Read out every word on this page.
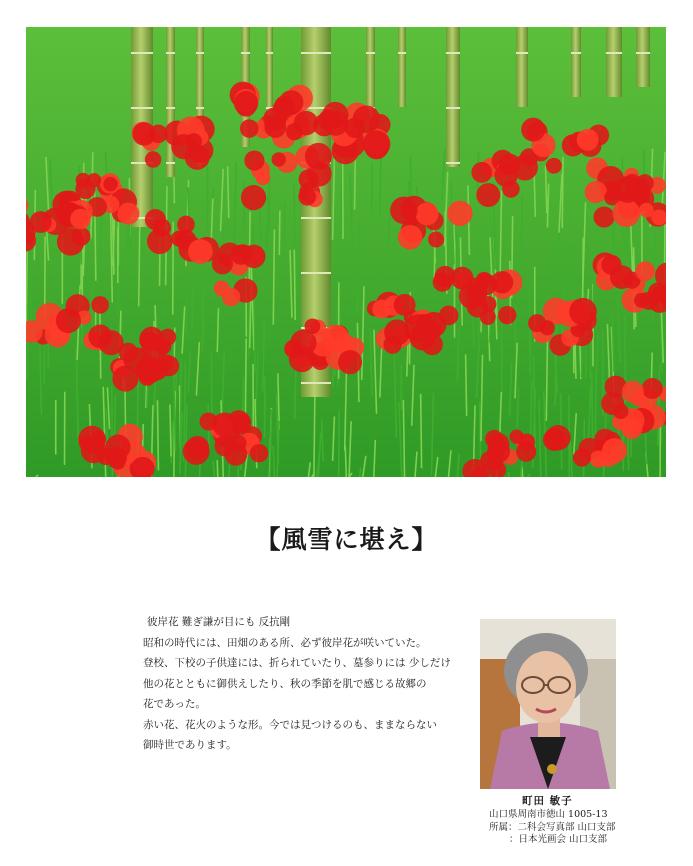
【風雪に堪え】
彼岸花 難ぎ謙が目にも 反抗剛
昭和の時代には、田畑のある所、必ず彼岸花が咲いていた。
登校、下校の子供達には、折られていたり、墓参りには 少しだけ
他の花とともに御供えしたり、秋の季節を肌で感じる故郷の
花であった。
赤い花、花火のような形。今では見つけるのも、ままならない
御時世であります。
町田 敏子
山口県周南市徳山 1005-13
所属：二科会写真部 山口支部
：日本光画会 山口支部
